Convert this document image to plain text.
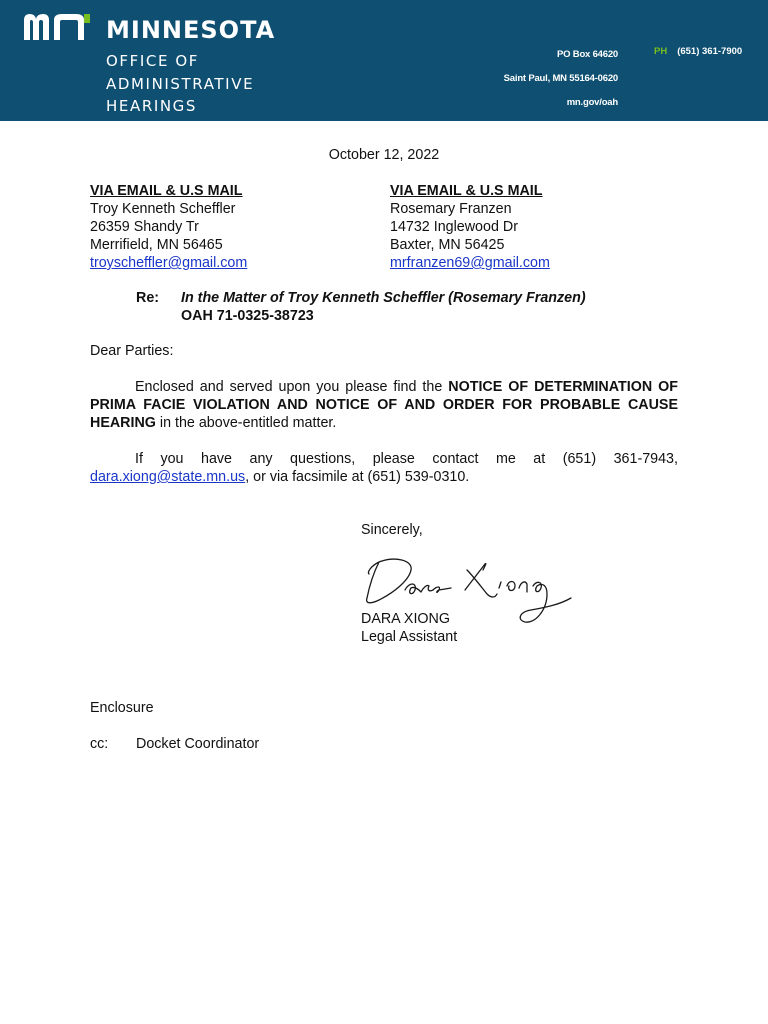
MINNESOTA
OFFICE OF
ADMINISTRATIVE
HEARINGS
PO Box 64620
Saint Paul, MN 55164-0620
mn.gov/oah
PH (651) 361-7900
October 12, 2022
VIA EMAIL & U.S MAIL
Troy Kenneth Scheffler
26359 Shandy Tr
Merrifield, MN 56465
troyscheffler@gmail.com
VIA EMAIL & U.S MAIL
Rosemary Franzen
14732 Inglewood Dr
Baxter, MN 56425
mrfranzen69@gmail.com
Re:	In the Matter of Troy Kenneth Scheffler (Rosemary Franzen)
OAH 71-0325-38723
Dear Parties:
Enclosed and served upon you please find the NOTICE OF DETERMINATION OF PRIMA FACIE VIOLATION AND NOTICE OF AND ORDER FOR PROBABLE CAUSE HEARING in the above-entitled matter.
If you have any questions, please contact me at (651) 361-7943, dara.xiong@state.mn.us, or via facsimile at (651) 539-0310.
Sincerely,
DARA XIONG
Legal Assistant
Enclosure
cc:	Docket Coordinator
